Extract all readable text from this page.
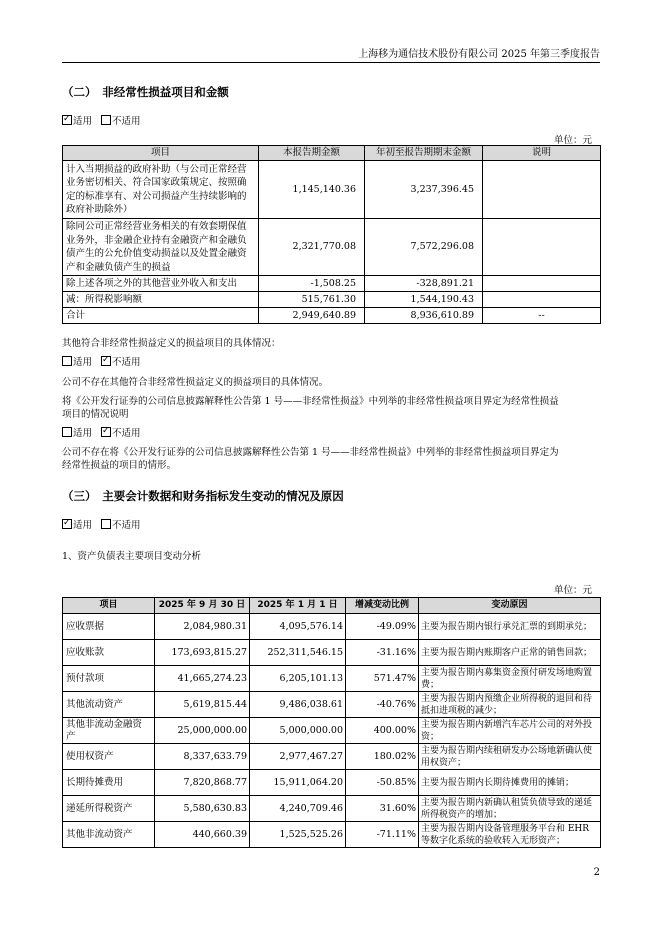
上海移为通信技术股份有限公司 2025 年第三季度报告
（二）　非经常性损益项目和金额
✓适用 不适用
单位：元
项目	本报告期金额	年初至报告期期末金额	说明
计入当期损益的政府补助（与公司正常经营业务密切相关、符合国家政策规定、按照确定的标准享有、对公司损益产生持续影响的政府补助除外）	1,145,140.36	3,237,396.45	
除同公司正常经营业务相关的有效套期保值业务外，非金融企业持有金融资产和金融负债产生的公允价值变动损益以及处置金融资产和金融负债产生的损益	2,321,770.08	7,572,296.08	
除上述各项之外的其他营业外收入和支出	-1,508.25	-328,891.21	
减：所得税影响额	515,761.30	1,544,190.43	
合计	2,949,640.89	8,936,610.89	--
其他符合非经常性损益定义的损益项目的具体情况：
适用 ✓ 不适用
公司不存在其他符合非经常性损益定义的损益项目的具体情况。
将《公开发行证券的公司信息披露解释性公告第 1 号——非经常性损益》中列举的非经常性损益项目界定为经常性损益
项目的情况说明
适用 ✓ 不适用
公司不存在将《公开发行证券的公司信息披露解释性公告第 1 号——非经常性损益》中列举的非经常性损益项目界定为
经常性损益的项目的情形。
（三）　主要会计数据和财务指标发生变动的情况及原因
✓适用 不适用
1、资产负债表主要项目变动分析
单位：元
项目	2025 年 9 月 30 日	2025 年 1 月 1 日	增减变动比例	变动原因
应收票据	2,084,980.31	4,095,576.14	-49.09%	主要为报告期内银行承兑汇票的到期承兑；
应收账款	173,693,815.27	252,311,546.15	-31.16%	主要为报告期内账期客户正常的销售回款；
预付款项	41,665,274.23	6,205,101.13	571.47%	主要为报告期内募集资金预付研发场地购置费；
其他流动资产	5,619,815.44	9,486,038.61	-40.76%	主要为报告期内预缴企业所得税的退回和待抵扣进项税的减少；
其他非流动金融资产	25,000,000.00	5,000,000.00	400.00%	主要为报告期内新增汽车芯片公司的对外投资；
使用权资产	8,337,633.79	2,977,467.27	180.02%	主要为报告期内续租研发办公场地新确认使用权资产；
长期待摊费用	7,820,868.77	15,911,064.20	-50.85%	主要为报告期内长期待摊费用的摊销；
递延所得税资产	5,580,630.83	4,240,709.46	31.60%	主要为报告期内新确认租赁负债导致的递延所得税资产的增加；
其他非流动资产	440,660.39	1,525,525.26	-71.11%	主要为报告期内设备管理服务平台和 EHR 等数字化系统的验收转入无形资产；
2
